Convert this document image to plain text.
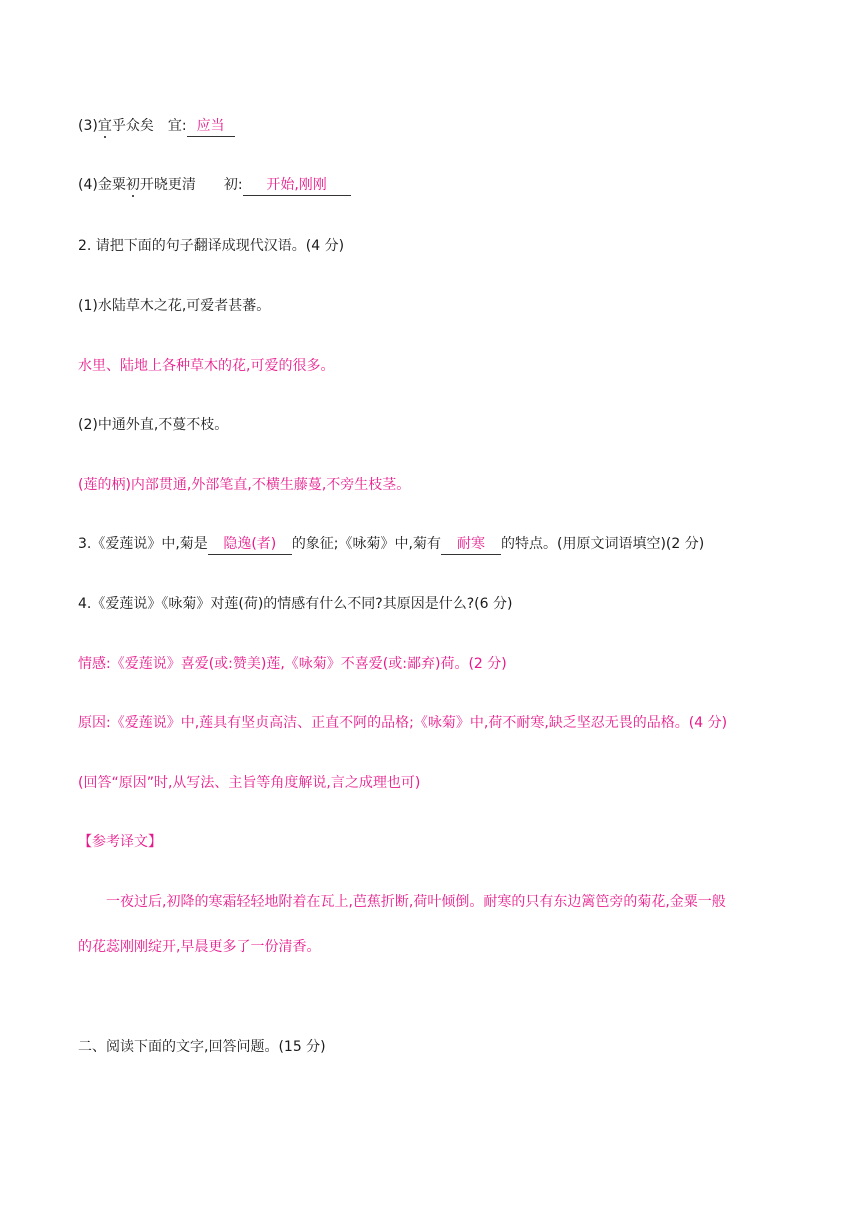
(3)宜乎众矣 宜: 应当
(4)金粟初开晓更清 初: 开始,刚刚
2. 请把下面的句子翻译成现代汉语。(4 分)
(1)水陆草木之花,可爱者甚蕃。
水里、陆地上各种草木的花,可爱的很多。
(2)中通外直,不蔓不枝。
(莲的柄)内部贯通,外部笔直,不横生藤蔓,不旁生枝茎。
3.《爱莲说》中,菊是 隐逸(者) 的象征;《咏菊》中,菊有 耐寒 的特点。(用原文词语填空)(2 分)
4.《爱莲说》《咏菊》对莲(荷)的情感有什么不同?其原因是什么?(6 分)
情感:《爱莲说》喜爱(或:赞美)莲,《咏菊》不喜爱(或:鄙弃)荷。(2 分)
原因:《爱莲说》中,莲具有坚贞高洁、正直不阿的品格;《咏菊》中,荷不耐寒,缺乏坚忍无畏的品格。(4 分)
(回答“原因”时,从写法、主旨等角度解说,言之成理也可)
【参考译文】
一夜过后,初降的寒霜轻轻地附着在瓦上,芭蕉折断,荷叶倾倒。耐寒的只有东边篱笆旁的菊花,金粟一般
的花蕊刚刚绽开,早晨更多了一份清香。
二、阅读下面的文字,回答问题。(15 分)
